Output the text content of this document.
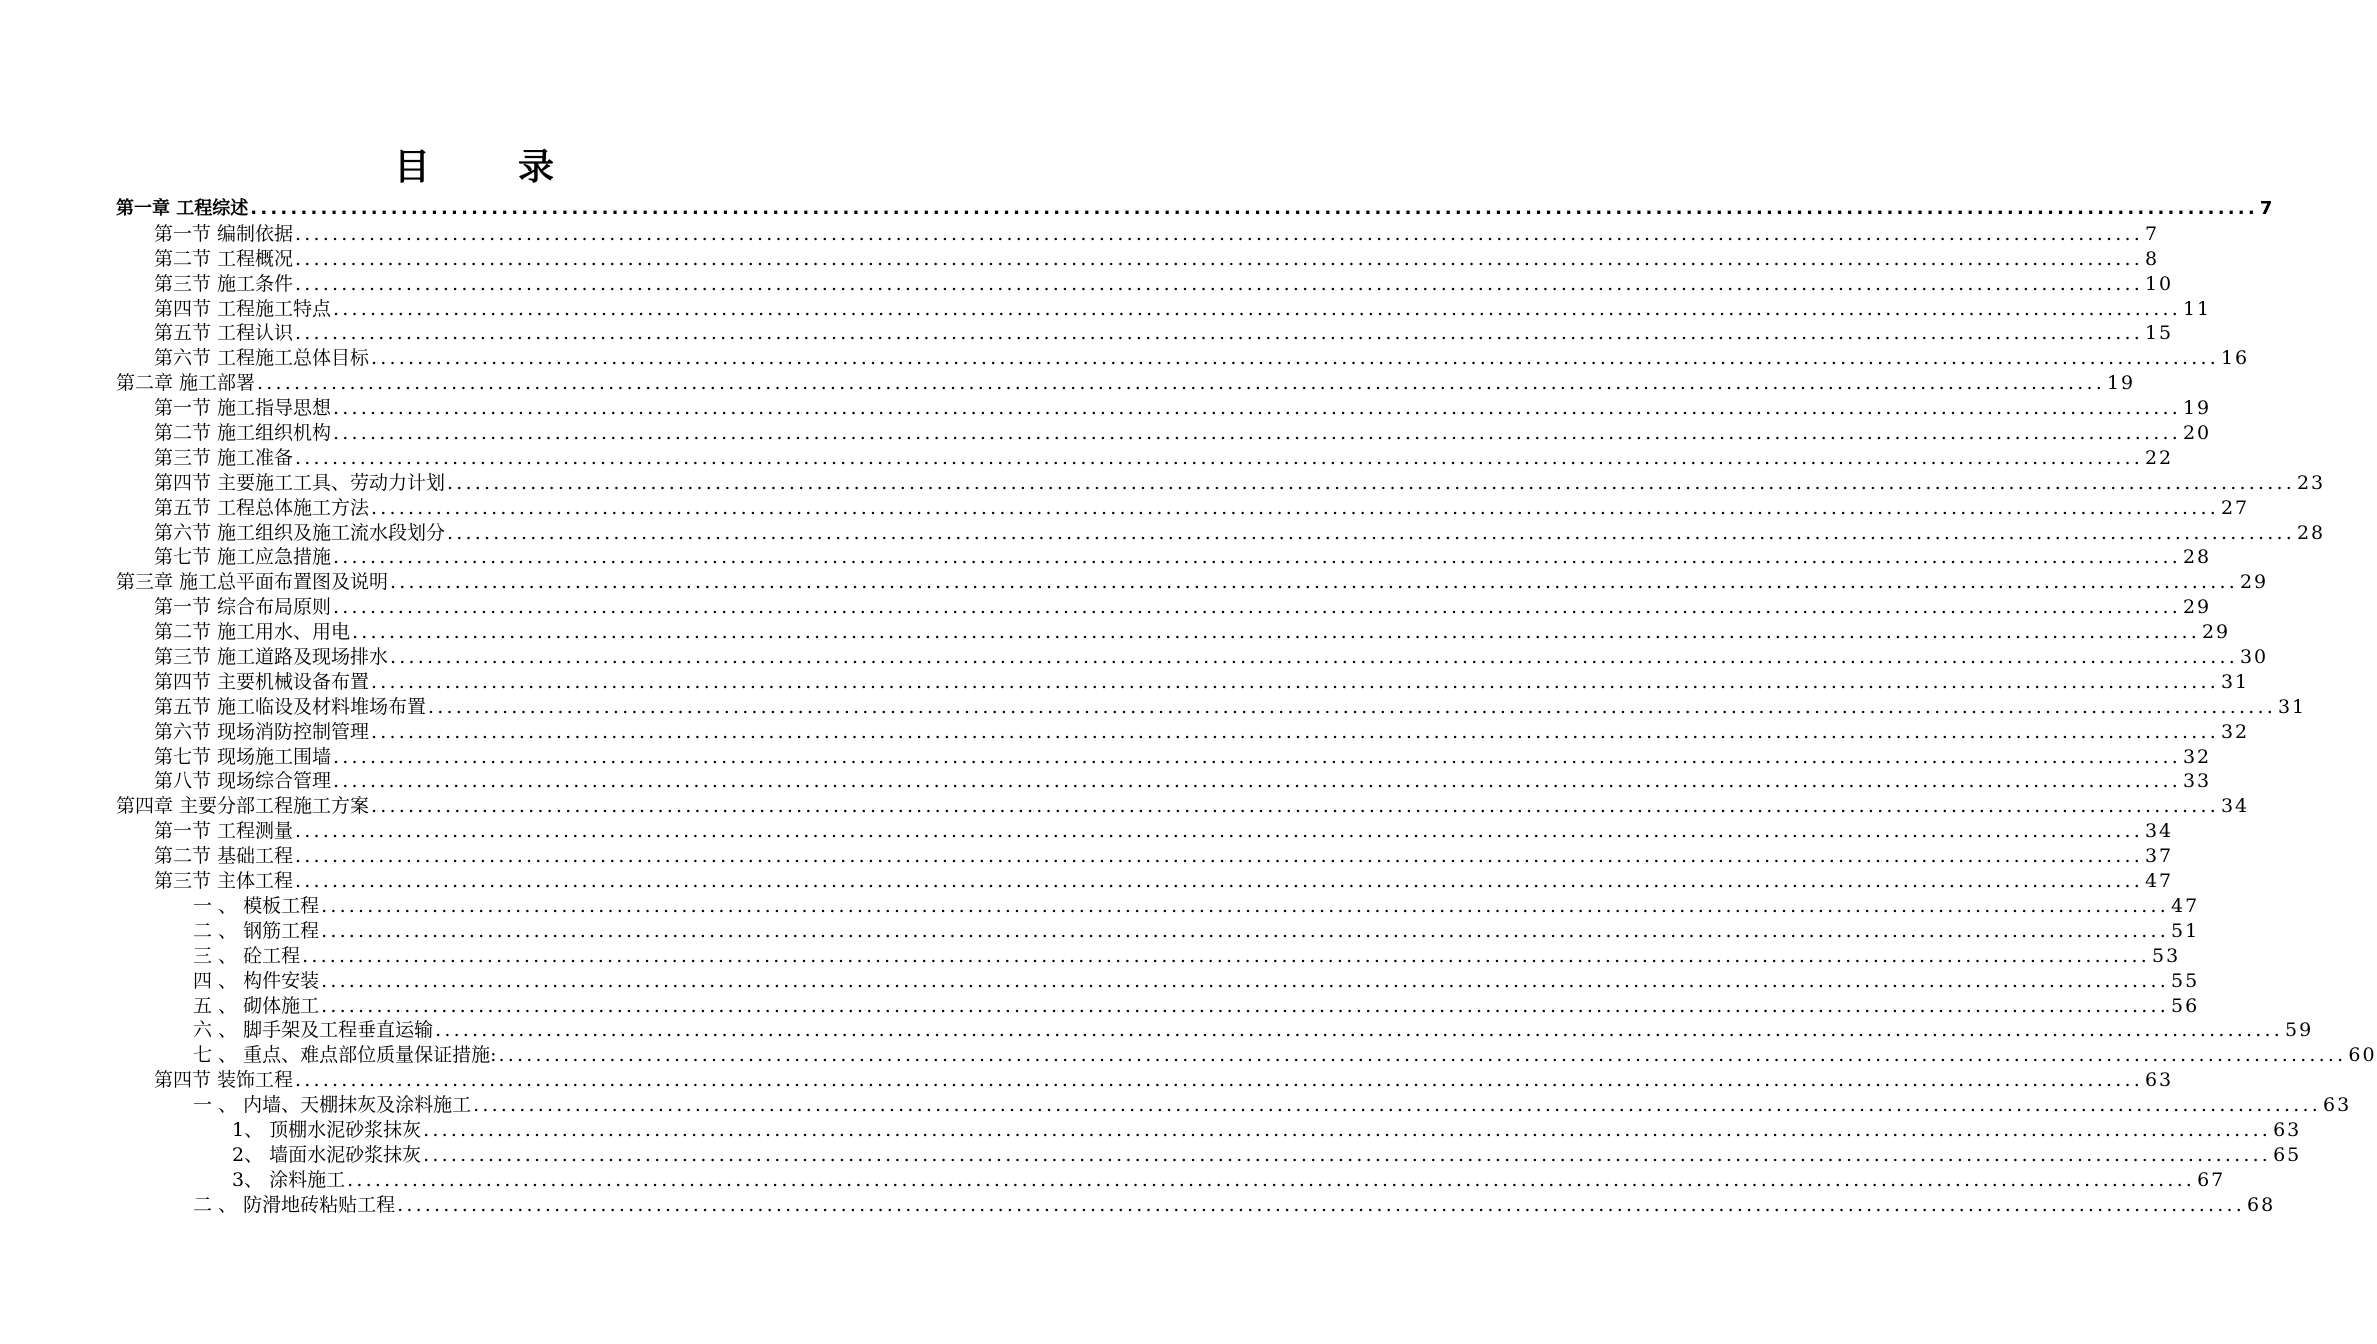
目 录
第一章 工程综述 ........................................................................................................................................................................................................ 7
第一节 编制依据 ........................................................................................................................................................................................................ 7
第二节 工程概况 ........................................................................................................................................................................................................ 8
第三节 施工条件 ........................................................................................................................................................................................................ 10
第四节 工程施工特点 ........................................................................................................................................................................................................ 11
第五节 工程认识 ........................................................................................................................................................................................................ 15
第六节 工程施工总体目标 ........................................................................................................................................................................................................ 16
第二章 施工部署 ........................................................................................................................................................................................................ 19
第一节 施工指导思想 ........................................................................................................................................................................................................ 19
第二节 施工组织机构 ........................................................................................................................................................................................................ 20
第三节 施工准备 ........................................................................................................................................................................................................ 22
第四节 主要施工工具、劳动力计划 ........................................................................................................................................................................................................ 23
第五节 工程总体施工方法 ........................................................................................................................................................................................................ 27
第六节 施工组织及施工流水段划分 ........................................................................................................................................................................................................ 28
第七节 施工应急措施 ........................................................................................................................................................................................................ 28
第三章 施工总平面布置图及说明 ........................................................................................................................................................................................................ 29
第一节 综合布局原则 ........................................................................................................................................................................................................ 29
第二节 施工用水、用电 ........................................................................................................................................................................................................ 29
第三节 施工道路及现场排水 ........................................................................................................................................................................................................ 30
第四节 主要机械设备布置 ........................................................................................................................................................................................................ 31
第五节 施工临设及材料堆场布置 ........................................................................................................................................................................................................ 31
第六节 现场消防控制管理 ........................................................................................................................................................................................................ 32
第七节 现场施工围墙 ........................................................................................................................................................................................................ 32
第八节 现场综合管理 ........................................................................................................................................................................................................ 33
第四章 主要分部工程施工方案 ........................................................................................................................................................................................................ 34
第一节 工程测量 ........................................................................................................................................................................................................ 34
第二节 基础工程 ........................................................................................................................................................................................................ 37
第三节 主体工程 ........................................................................................................................................................................................................ 47
一 、 模板工程 ........................................................................................................................................................................................................ 47
二 、 钢筋工程 ........................................................................................................................................................................................................ 51
三 、 砼工程 ........................................................................................................................................................................................................ 53
四 、 构件安装 ........................................................................................................................................................................................................ 55
五 、 砌体施工 ........................................................................................................................................................................................................ 56
六 、 脚手架及工程垂直运输 ........................................................................................................................................................................................................ 59
七 、 重点、难点部位质量保证措施: ........................................................................................................................................................................................................ 60
第四节 装饰工程 ........................................................................................................................................................................................................ 63
一 、 内墙、天棚抹灰及涂料施工 ........................................................................................................................................................................................................ 63
1、 顶棚水泥砂浆抹灰 ........................................................................................................................................................................................................ 63
2、 墙面水泥砂浆抹灰 ........................................................................................................................................................................................................ 65
3、 涂料施工 ........................................................................................................................................................................................................ 67
二 、 防滑地砖粘贴工程 ........................................................................................................................................................................................................ 68
